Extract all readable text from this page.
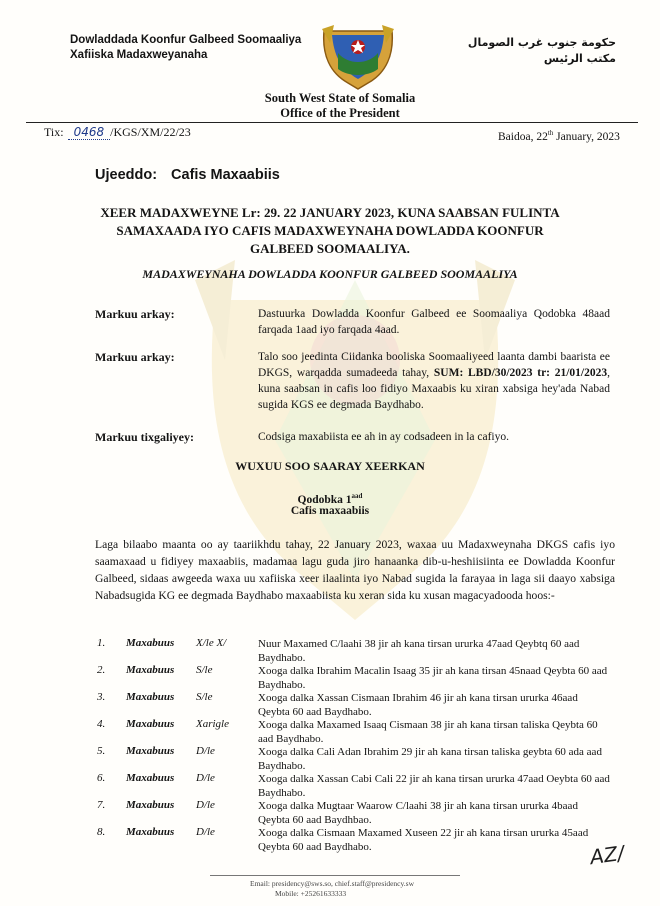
Dowladdada Koonfur Galbeed Soomaaliya
Xafiiska Madaxweyanaha
حكومة جنوب غرب الصومال
مكتب الرئيس
South West State of Somalia
Office of the President
Tix: 0468 /KGS/XM/22/23	Baidoa, 22th January, 2023
Ujeeddo: Cafis Maxaabiis
XEER MADAXWEYNE Lr: 29. 22 JANUARY 2023, KUNA SAABSAN FULINTA
SAMAXAADA IYO CAFIS MADAXWEYNAHA DOWLADDA KOONFUR
GALBEED SOOMAALIYA.
MADAXWEYNAHA DOWLADDA KOONFUR GALBEED SOOMAALIYA
Markuu arkay:	Dastuurka Dowladda Koonfur Galbeed ee Soomaaliya Qodobka 48aad farqada 1aad iyo farqada 4aad.
Markuu arkay:	Talo soo jeedinta Ciidanka booliska Soomaaliyeed laanta dambi baarista ee DKGS, warqadda sumadeeda tahay, SUM: LBD/30/2023 tr: 21/01/2023, kuna saabsan in cafis loo fidiyo Maxaabis ku xiran xabsiga hey'ada Nabad sugida KGS ee degmada Baydhabo.
Markuu tixgaliyey:	Codsiga maxabiista ee ah in ay codsadeen in la cafiyo.
WUXUU SOO SAARAY XEERKAN
Qodobka $1^{aad}$
Cafis maxaabiis
Laga bilaabo maanta oo ay taariikhdu tahay, 22 January 2023, waxaa uu Madaxweynaha DKGS cafis iyo saamaxaad u fidiyey maxaabiis, madamaa lagu guda jiro hanaanka dib-u-heshiisiinta ee Dowladda Koonfur Galbeed, sidaas awgeeda waxa uu xafiiska xeer ilaalinta iyo Nabad sugida la farayaa in laga sii daayo xabsiga Nabadsugida KG ee degmada Baydhabo maxaabiista ku xeran sida ku xusan magacyadooda hoos:-
1. Maxabuus X/le X/	Nuur Maxamed C/laahi 38 jir ah kana tirsan ururka 47aad Qeybtq 60 aad Baydhabo.
2. Maxabuus S/le	Xooga dalka Ibrahim Macalin Isaag 35 jir ah kana tirsan 45naad Qeybta 60 aad Baydhabo.
3. Maxabuus S/le	Xooga dalka Xassan Cismaan Ibrahim 46 jir ah kana tirsan ururka 46aad Qeybta 60 aad Baydhabo.
4. Maxabuus Xarigle	Xooga dalka Maxamed Isaaq Cismaan 38 jir ah kana tirsan taliska Qeybta 60 aad Baydhabo.
5. Maxabuus D/le	Xooga dalka Cali Adan Ibrahim 29 jir ah kana tirsan taliska geybta 60 ada aad Baydhabo.
6. Maxabuus D/le	Xooga dalka Xassan Cabi Cali 22 jir ah kana tirsan ururka 47aad Oeybta 60 aad Baydhabo.
7. Maxabuus D/le	Xooga dalka Mugtaar Waarow C/laahi 38 jir ah kana tirsan ururka 4baad Qeybta 60 aad Baydhbao.
8. Maxabuus D/le	Xooga dalka Cismaan Maxamed Xuseen 22 jir ah kana tirsan ururka 45aad Qeybta 60 aad Baydhabo.	AZ/
Email: presidency@sws.so, chief.staff@presidency.sw
Mobile: +25261633333
